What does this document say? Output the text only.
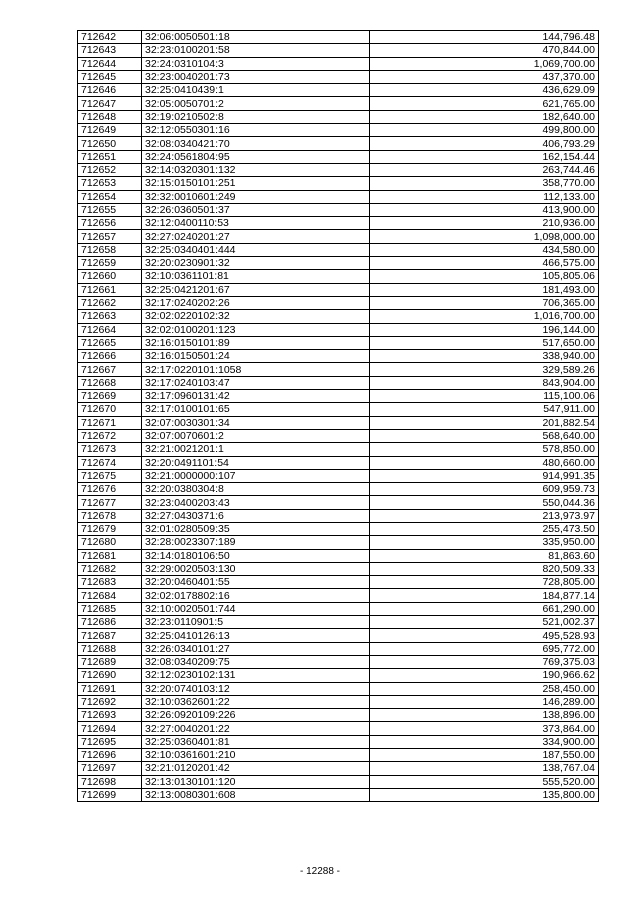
712642	32:06:0050501:18	144,796.48
712643	32:23:0100201:58	470,844.00
712644	32:24:0310104:3	1,069,700.00
712645	32:23:0040201:73	437,370.00
712646	32:25:0410439:1	436,629.09
712647	32:05:0050701:2	621,765.00
712648	32:19:0210502:8	182,640.00
712649	32:12:0550301:16	499,800.00
712650	32:08:0340421:70	406,793.29
712651	32:24:0561804:95	162,154.44
712652	32:14:0320301:132	263,744.46
712653	32:15:0150101:251	358,770.00
712654	32:32:0010601:249	112,133.00
712655	32:26:0360501:37	413,900.00
712656	32:12:0400110:53	210,936.00
712657	32:27:0240201:27	1,098,000.00
712658	32:25:0340401:444	434,580.00
712659	32:20:0230901:32	466,575.00
712660	32:10:0361101:81	105,805.06
712661	32:25:0421201:67	181,493.00
712662	32:17:0240202:26	706,365.00
712663	32:02:0220102:32	1,016,700.00
712664	32:02:0100201:123	196,144.00
712665	32:16:0150101:89	517,650.00
712666	32:16:0150501:24	338,940.00
712667	32:17:0220101:1058	329,589.26
712668	32:17:0240103:47	843,904.00
712669	32:17:0960131:42	115,100.06
712670	32:17:0100101:65	547,911.00
712671	32:07:0030301:34	201,882.54
712672	32:07:0070601:2	568,640.00
712673	32:21:0021201:1	578,850.00
712674	32:20:0491101:54	480,660.00
712675	32:21:0000000:107	914,991.35
712676	32:20:0380304:8	609,959.73
712677	32:23:0400203:43	550,044.36
712678	32:27:0430371:6	213,973.97
712679	32:01:0280509:35	255,473.50
712680	32:28:0023307:189	335,950.00
712681	32:14:0180106:50	81,863.60
712682	32:29:0020503:130	820,509.33
712683	32:20:0460401:55	728,805.00
712684	32:02:0178802:16	184,877.14
712685	32:10:0020501:744	661,290.00
712686	32:23:0110901:5	521,002.37
712687	32:25:0410126:13	495,528.93
712688	32:26:0340101:27	695,772.00
712689	32:08:0340209:75	769,375.03
712690	32:12:0230102:131	190,966.62
712691	32:20:0740103:12	258,450.00
712692	32:10:0362601:22	146,289.00
712693	32:26:0920109:226	138,896.00
712694	32:27:0040201:22	373,864.00
712695	32:25:0360401:81	334,900.00
712696	32:10:0361601:210	187,550.00
712697	32:21:0120201:42	138,767.04
712698	32:13:0130101:120	555,520.00
712699	32:13:0080301:608	135,800.00
- 12288 -
